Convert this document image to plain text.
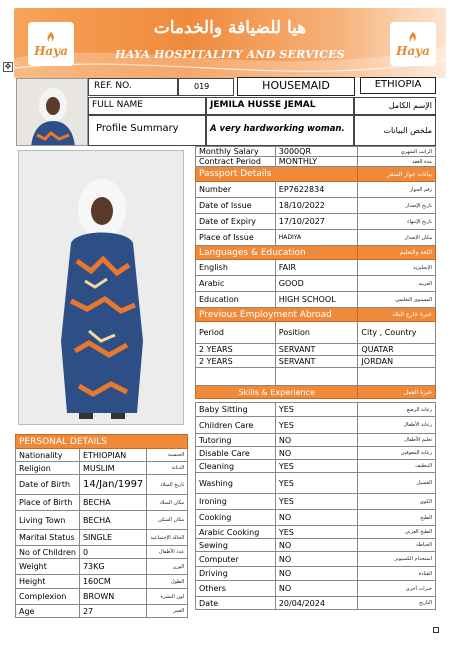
Haya
هيا للضيافة والخدمات
HAYA HOSPITALITY AND SERVICES	Haya
✥
REF. NO.	019	HOUSEMAID	ETHIOPIA
FULL NAME	JEMILA HUSSE JEMAL	الإسم الكامل
Profile Summary	A very hardworking woman.	ملخص البيانات
Monthly Salary	3000QR	الراتب الشهري
Contract Period	MONTHLY	مدة العقد
Passport Details		بيانات جواز السفر
Number	EP7622834	رقم الجواز
Date of Issue	18/10/2022	تاريخ الإصدار
Date of Expiry	17/10/2027	تاريخ الإنتهاء
Place of Issue	HADIYA	مكان الإصدار
Languages & Education		اللغة والتعليم
English	FAIR	الإنجليزية
Arabic	GOOD	العربية
Education	HIGH SCHOOL	المستوى التعليمي
Previous Employment Abroad		خبرة خارج البلاد
Period	Position	City , Country
2 YEARS	SERVANT	QUATAR
2 YEARS	SERVANT	JORDAN

Skills & Experience		خبرة العمل
Baby Sitting	YES	رعاية الرضع
Children Care	YES	رعاية الأطفال
Tutoring	NO	تعليم الأطفال
Disable Care	NO	رعاية المعوقين
Cleaning	YES	التنظيف
Washing	YES	الغسيل
Ironing	YES	الكوي
Cooking	NO	الطبخ
Arabic Cooking	YES	الطبخ العربي
Sewing	NO	الخياطة
Computer	NO	استخدام الكمبيوتر
Driving	NO	القيادة
Others	NO	خبرات أخرى
Date	20/04/2024	التاريخ
PERSONAL DETAILS		
Nationality	ETHIOPIAN	الجنسية
Religion	MUSLIM	الديانة
Date of Birth	14/Jan/1997	تاريخ الميلاد
Place of Birth	BECHA	مكان الميلاد
Living Town	BECHA	مكان السكن
Marital Status	SINGLE	الحالة الإجتماعية
No of Children	0	عدد الأطفال
Weight	73KG	الوزن
Height	160CM	الطول
Complexion	BROWN	لون البشرة
Age	27	العمر
